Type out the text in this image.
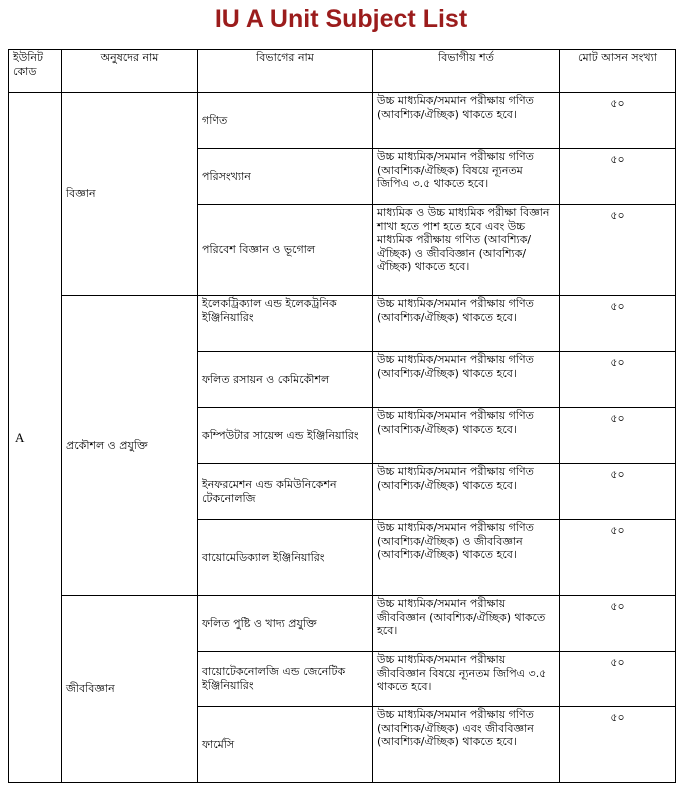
IU A Unit Subject List
ইউনিট কোড	অনুষদের নাম	বিভাগের নাম	বিভাগীয় শর্ত	মোট আসন সংখ্যা
A	বিজ্ঞান	গণিত	উচ্চ মাধ্যমিক/সমমান পরীক্ষায় গণিত (আবশ্যিক/ঐচ্ছিক) থাকতে হবে।	৫০
		পরিসংখ্যান	উচ্চ মাধ্যমিক/সমমান পরীক্ষায় গণিত (আবশ্যিক/ঐচ্ছিক) বিষয়ে ন্যূনতম জিপিএ ৩.৫ থাকতে হবে।	৫০
		পরিবেশ বিজ্ঞান ও ভূগোল	মাধ্যমিক ও উচ্চ মাধ্যমিক পরীক্ষা বিজ্ঞান শাখা হতে পাশ হতে হবে এবং উচ্চ মাধ্যমিক পরীক্ষায় গণিত (আবশ্যিক/ঐচ্ছিক) ও জীববিজ্ঞান (আবশ্যিক/ঐচ্ছিক) থাকতে হবে।	৫০
	প্রকৌশল ও প্রযুক্তি	ইলেকট্রিক্যাল এন্ড ইলেকট্রনিক ইঞ্জিনিয়ারিং	উচ্চ মাধ্যমিক/সমমান পরীক্ষায় গণিত (আবশ্যিক/ঐচ্ছিক) থাকতে হবে।	৫০
		ফলিত রসায়ন ও কেমিকৌশল	উচ্চ মাধ্যমিক/সমমান পরীক্ষায় গণিত (আবশ্যিক/ঐচ্ছিক) থাকতে হবে।	৫০
		কম্পিউটার সায়েন্স এন্ড ইঞ্জিনিয়ারিং	উচ্চ মাধ্যমিক/সমমান পরীক্ষায় গণিত (আবশ্যিক/ঐচ্ছিক) থাকতে হবে।	৫০
		ইনফরমেশন এন্ড কমিউনিকেশন টেকনোলজি	উচ্চ মাধ্যমিক/সমমান পরীক্ষায় গণিত (আবশ্যিক/ঐচ্ছিক) থাকতে হবে।	৫০
		বায়োমেডিক্যাল ইঞ্জিনিয়ারিং	উচ্চ মাধ্যমিক/সমমান পরীক্ষায় গণিত (আবশ্যিক/ঐচ্ছিক) ও জীববিজ্ঞান (আবশ্যিক/ঐচ্ছিক) থাকতে হবে।	৫০
	জীববিজ্ঞান	ফলিত পুষ্টি ও খাদ্য প্রযুক্তি	উচ্চ মাধ্যমিক/সমমান পরীক্ষায় জীববিজ্ঞান (আবশ্যিক/ঐচ্ছিক) থাকতে হবে।	৫০
		বায়োটেকনোলজি এন্ড জেনেটিক ইঞ্জিনিয়ারিং	উচ্চ মাধ্যমিক/সমমান পরীক্ষায় জীববিজ্ঞান বিষয়ে ন্যূনতম জিপিএ ৩.৫ থাকতে হবে।	৫০
		ফার্মেসি	উচ্চ মাধ্যমিক/সমমান পরীক্ষায় গণিত (আবশ্যিক/ঐচ্ছিক) এবং জীববিজ্ঞান (আবশ্যিক/ঐচ্ছিক) থাকতে হবে।	৫০
